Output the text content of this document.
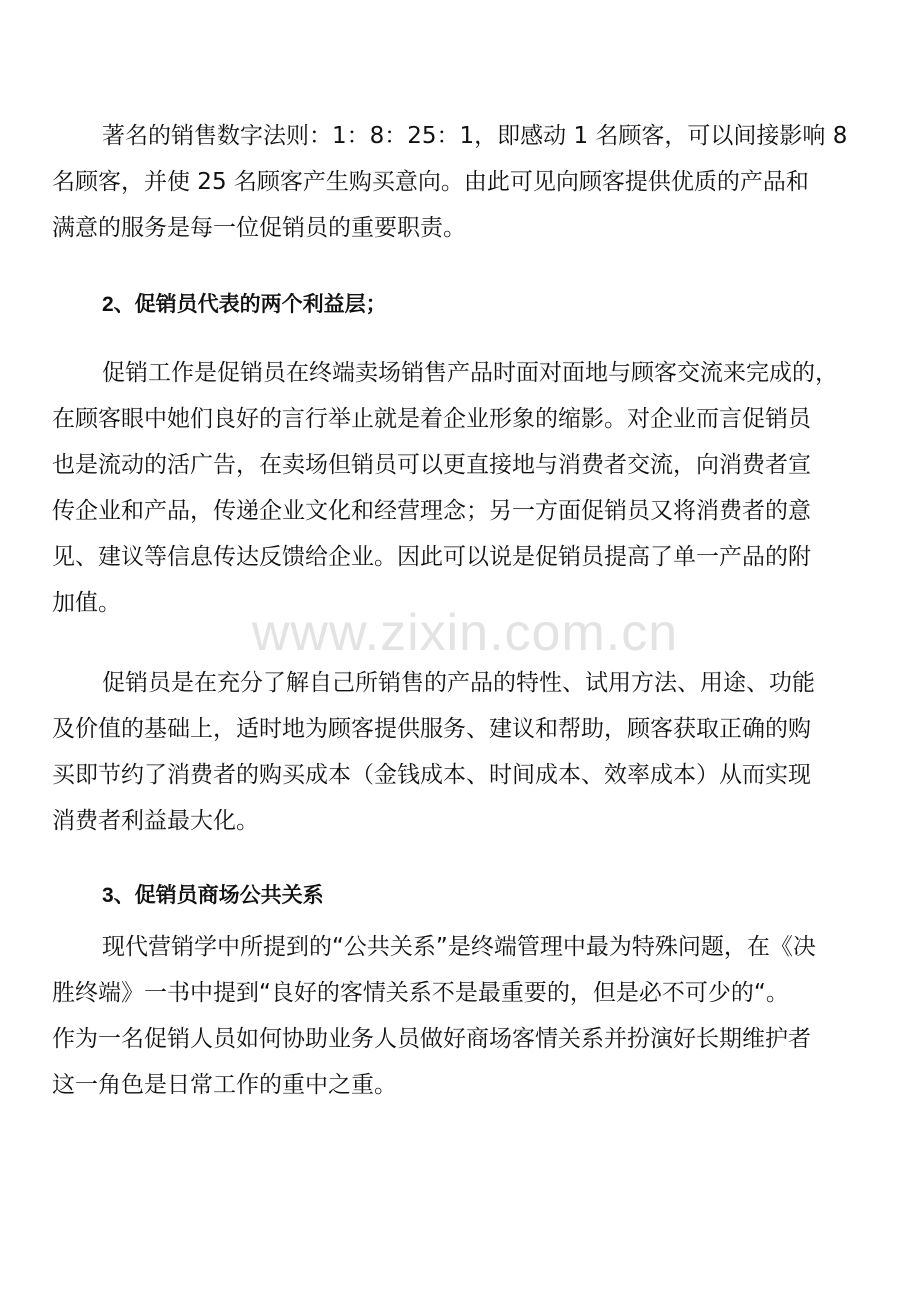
著名的销售数字法则：1：8：25：1，即感动 1 名顾客，可以间接影响 8

名顾客，并使 25 名顾客产生购买意向。由此可见向顾客提供优质的产品和

满意的服务是每一位促销员的重要职责。

2、促销员代表的两个利益层；

促销工作是促销员在终端卖场销售产品时面对面地与顾客交流来完成的，

在顾客眼中她们良好的言行举止就是着企业形象的缩影。对企业而言促销员

也是流动的活广告，在卖场但销员可以更直接地与消费者交流，向消费者宣

传企业和产品，传递企业文化和经营理念；另一方面促销员又将消费者的意

见、建议等信息传达反馈给企业。因此可以说是促销员提高了单一产品的附

加值。

促销员是在充分了解自己所销售的产品的特性、试用方法、用途、功能

及价值的基础上，适时地为顾客提供服务、建议和帮助，顾客获取正确的购

买即节约了消费者的购买成本（金钱成本、时间成本、效率成本）从而实现

消费者利益最大化。

3、促销员商场公共关系

现代营销学中所提到的“公共关系”是终端管理中最为特殊问题，在《决

胜终端》一书中提到“良好的客情关系不是最重要的，但是必不可少的“。

作为一名促销人员如何协助业务人员做好商场客情关系并扮演好长期维护者

这一角色是日常工作的重中之重。

www.zixin.com.cn
